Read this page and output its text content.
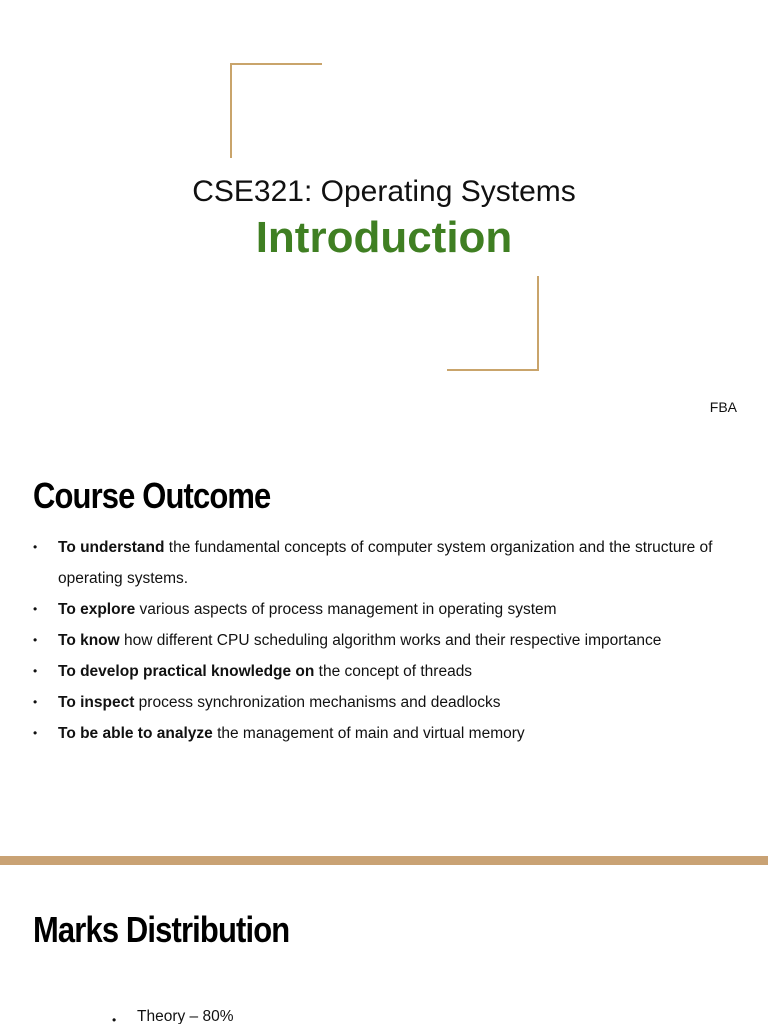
CSE321: Operating Systems
Introduction
FBA
Course Outcome
• To understand the fundamental concepts of computer system organization and the structure of operating systems.
• To explore various aspects of process management in operating system
• To know how different CPU scheduling algorithm works and their respective importance
• To develop practical knowledge on the concept of threads
• To inspect process synchronization mechanisms and deadlocks
• To be able to analyze the management of main and virtual memory
Marks Distribution
• Theory – 80%
